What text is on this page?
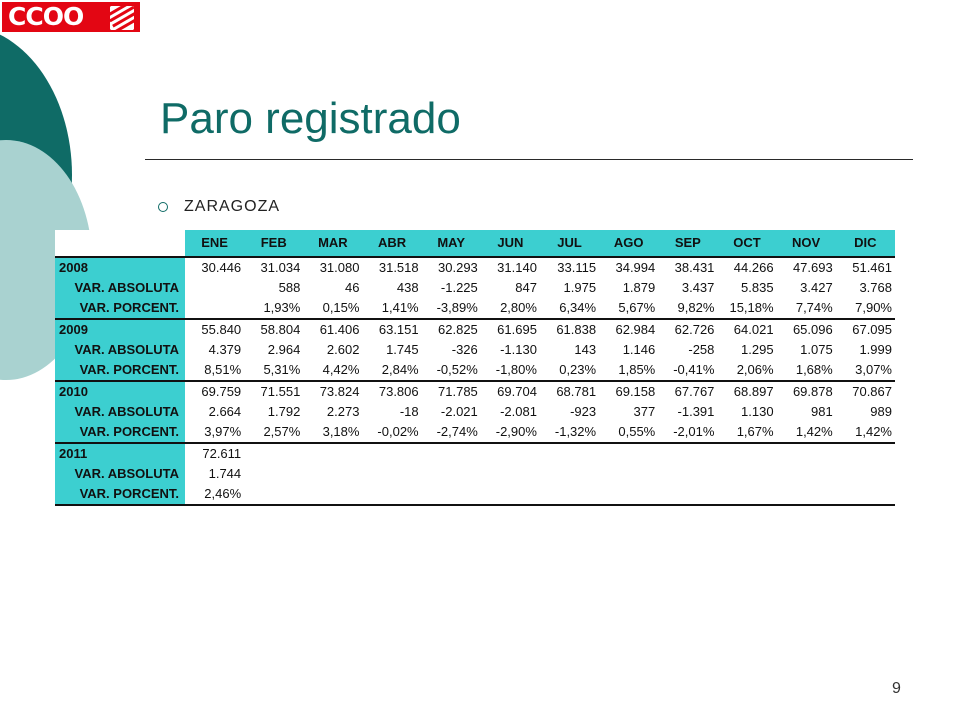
CCOO
Paro registrado
ZARAGOZA
	ENE	FEB	MAR	ABR	MAY	JUN	JUL	AGO	SEP	OCT	NOV	DIC
2008	30.446	31.034	31.080	31.518	30.293	31.140	33.115	34.994	38.431	44.266	47.693	51.461
VAR. ABSOLUTA		588	46	438	-1.225	847	1.975	1.879	3.437	5.835	3.427	3.768
VAR. PORCENT.		1,93%	0,15%	1,41%	-3,89%	2,80%	6,34%	5,67%	9,82%	15,18%	7,74%	7,90%
2009	55.840	58.804	61.406	63.151	62.825	61.695	61.838	62.984	62.726	64.021	65.096	67.095
VAR. ABSOLUTA	4.379	2.964	2.602	1.745	-326	-1.130	143	1.146	-258	1.295	1.075	1.999
VAR. PORCENT.	8,51%	5,31%	4,42%	2,84%	-0,52%	-1,80%	0,23%	1,85%	-0,41%	2,06%	1,68%	3,07%
2010	69.759	71.551	73.824	73.806	71.785	69.704	68.781	69.158	67.767	68.897	69.878	70.867
VAR. ABSOLUTA	2.664	1.792	2.273	-18	-2.021	-2.081	-923	377	-1.391	1.130	981	989
VAR. PORCENT.	3,97%	2,57%	3,18%	-0,02%	-2,74%	-2,90%	-1,32%	0,55%	-2,01%	1,67%	1,42%	1,42%
2011	72.611											
VAR. ABSOLUTA	1.744											
VAR. PORCENT.	2,46%											
9
